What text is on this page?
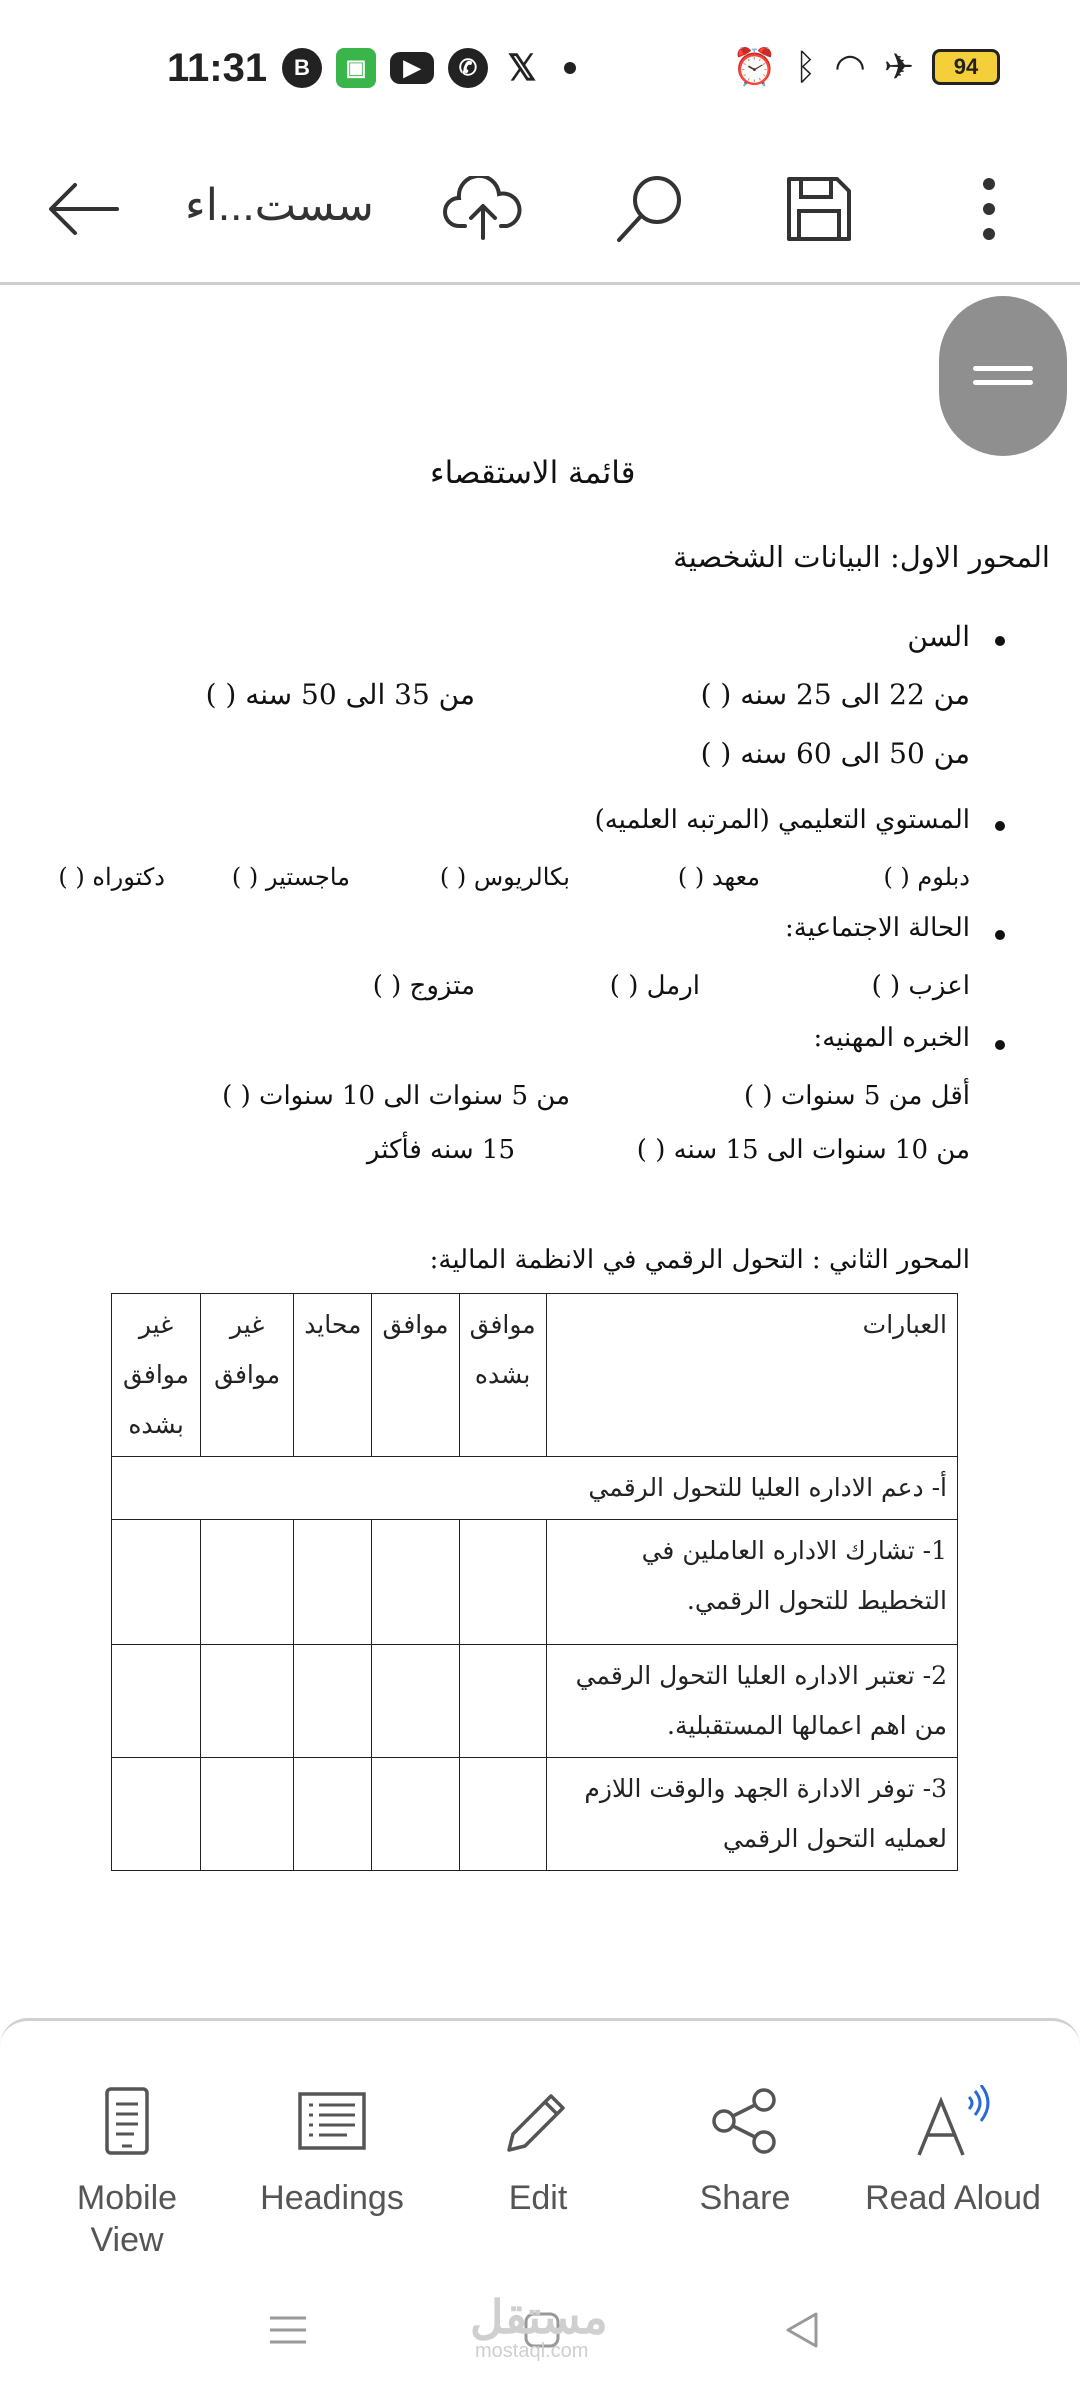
11:31	B	▣	▶	✆ 𝕏	⏰ ᛒ ◠ ✈	94
سست...اء
قائمة الاستقصاء
المحور الاول: البيانات الشخصية
السن
من 22 الى 25 سنه ( )
من 35 الى 50 سنه ( )
من 50 الى 60 سنه ( )
المستوي التعليمي (المرتبه العلميه)
دبلوم ( )
معهد ( )
بكالريوس ( )
ماجستير ( )
دكتوراه ( )
الحالة الاجتماعية:
اعزب ( )
ارمل ( )
متزوج ( )
الخبره المهنيه:
أقل من 5 سنوات ( )
من 5 سنوات الى 10 سنوات ( )
من 10 سنوات الى 15 سنه ( )
15 سنه فأكثر
المحور الثاني : التحول الرقمي في الانظمة المالية:
العبارات	موافق بشده	موافق	محايد	غير موافق	غير موافق بشده
أ- دعم الاداره العليا للتحول الرقمي					
1- تشارك الاداره العاملين في التخطيط للتحول الرقمي.					
2- تعتبر الاداره العليا التحول الرقمي من اهم اعمالها المستقبلية.					
3- توفر الادارة الجهد والوقت اللازم لعمليه التحول الرقمي					
Mobile
View
Headings	Edit	Share	Read Aloud
مستقل
mostaql.com
